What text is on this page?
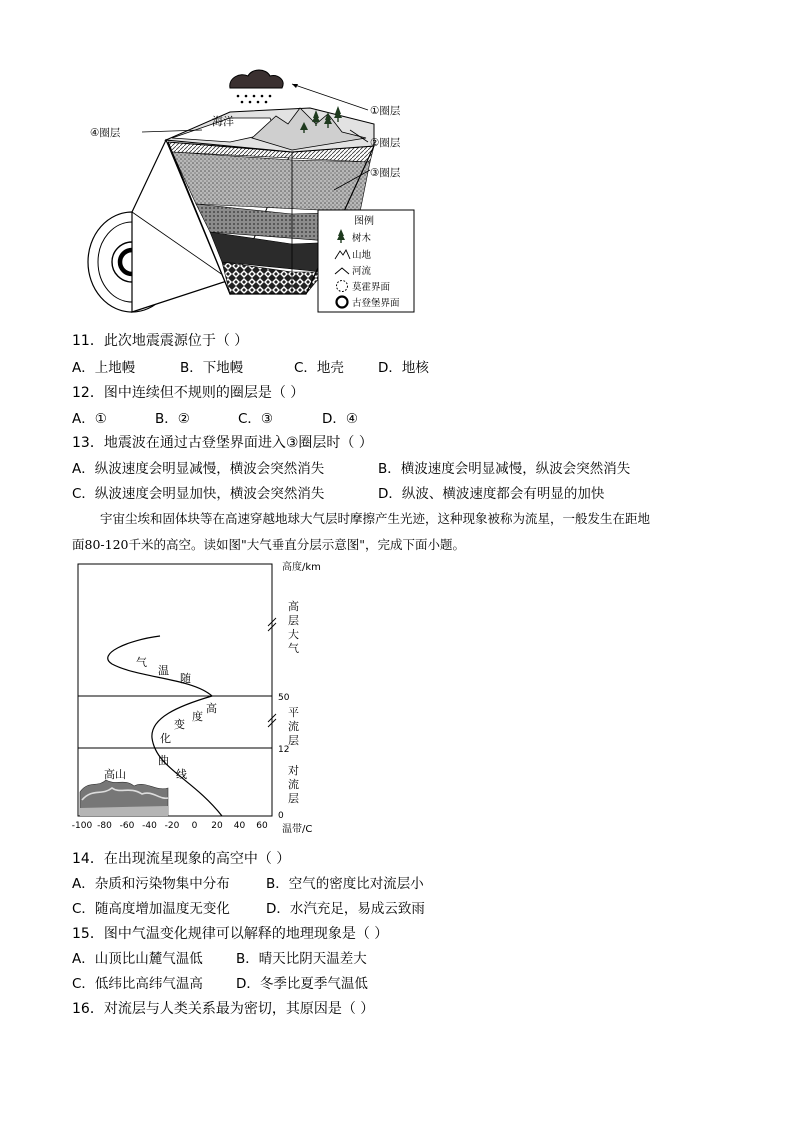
海洋
①圈层
②圈层
③圈层
④圈层
图例
树木
山地
河流
莫霍界面
古登堡界面
11．此次地震震源位于（ ）
A．上地幔	B．下地幔	C．地壳	D．地核
12．图中连续但不规则的圈层是（ ）
A．①	B．②	C．③	D．④
13．地震波在通过古登堡界面进入③圈层时（ ）
A．纵波速度会明显减慢，横波会突然消失	B．横波速度会明显减慢，纵波会突然消失
C．纵波速度会明显加快，横波会突然消失	D．纵波、横波速度都会有明显的加快
宇宙尘埃和固体块等在高速穿越地球大气层时摩擦产生光迹，这种现象被称为流星，一般发生在距地
面80-120千米的高空。读如图"大气垂直分层示意图"，完成下面小题。
高山
气
温
随
高
度
变
化
曲
线
高度/km
50
12
0
高
层
大
气
平
流
层
对
流
层
-100 -80 -60 -40 -20 0 20 40 60 温带/C
14．在出现流星现象的高空中（ ）
A．杂质和污染物集中分布	B．空气的密度比对流层小
C．随高度增加温度无变化	D．水汽充足，易成云致雨
15．图中气温变化规律可以解释的地理现象是（ ）
A．山顶比山麓气温低 B．晴天比阴天温差大
C．低纬比高纬气温高 D．冬季比夏季气温低
16．对流层与人类关系最为密切，其原因是（ ）
